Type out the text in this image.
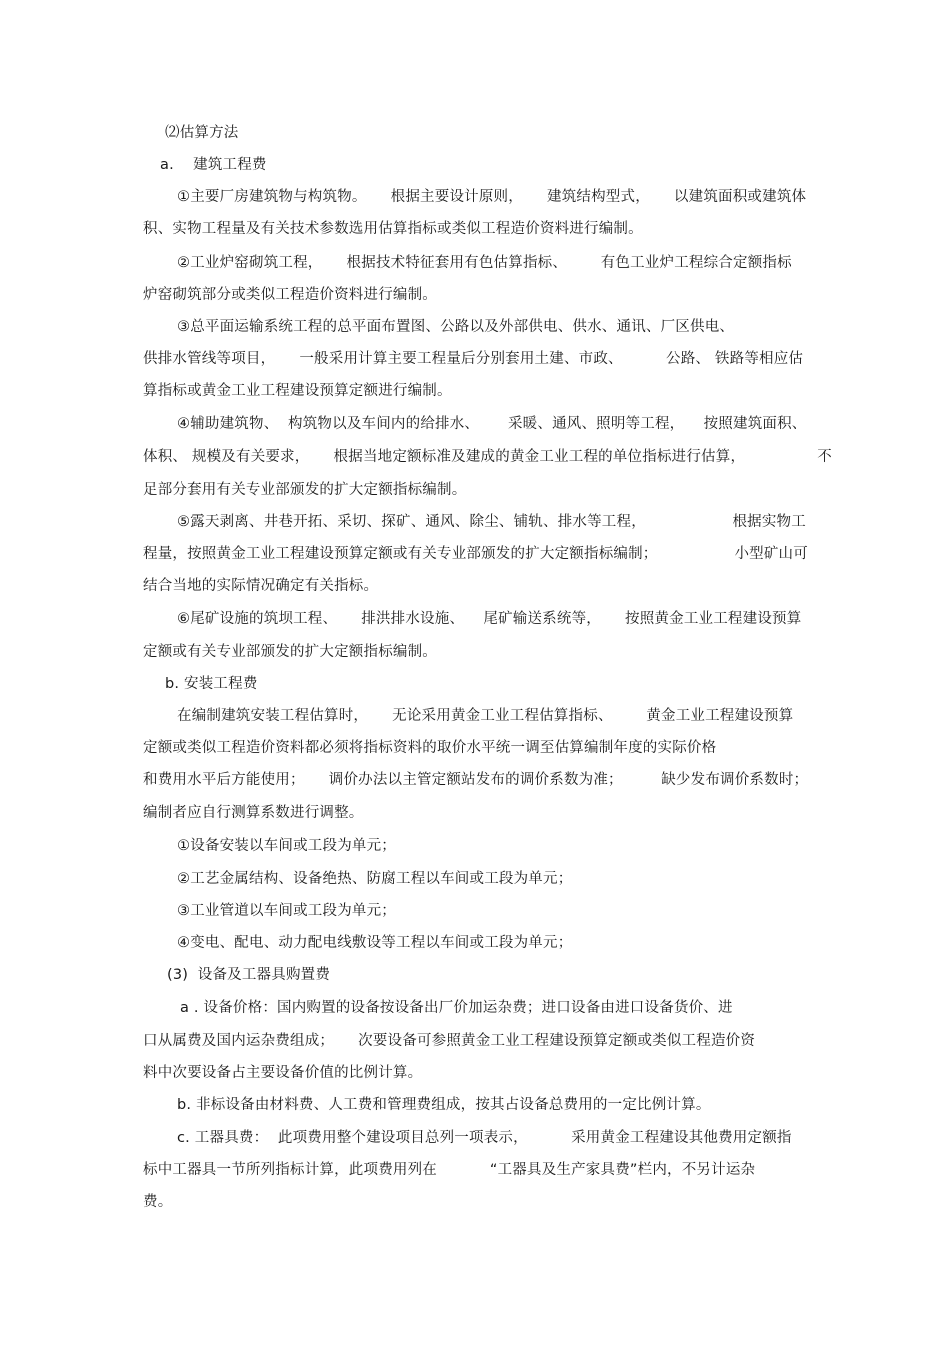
⑵估算方法
a.    建筑工程费
①主要厂房建筑物与构筑物。     根据主要设计原则，     建筑结构型式，     以建筑面积或建筑体
积、实物工程量及有关技术参数选用估算指标或类似工程造价资料进行编制。
②工业炉窑砌筑工程，     根据技术特征套用有色估算指标、       有色工业炉工程综合定额指标
炉窑砌筑部分或类似工程造价资料进行编制。
③总平面运输系统工程的总平面布置图、公路以及外部供电、供水、通讯、厂区供电、
供排水管线等项目，     一般采用计算主要工程量后分别套用土建、市政、         公路、 铁路等相应估
算指标或黄金工业工程建设预算定额进行编制。
④辅助建筑物、  构筑物以及车间内的给排水、      采暖、通风、照明等工程，    按照建筑面积、
体积、 规模及有关要求，     根据当地定额标准及建成的黄金工业工程的单位指标进行估算，               不
足部分套用有关专业部颁发的扩大定额指标编制。
⑤露天剥离、井巷开拓、采切、探矿、通风、除尘、铺轨、排水等工程，                  根据实物工
程量，按照黄金工业工程建设预算定额或有关专业部颁发的扩大定额指标编制；                小型矿山可
结合当地的实际情况确定有关指标。
⑥尾矿设施的筑坝工程、     排洪排水设施、    尾矿输送系统等，     按照黄金工业工程建设预算
定额或有关专业部颁发的扩大定额指标编制。
b. 安装工程费
在编制建筑安装工程估算时，     无论采用黄金工业工程估算指标、       黄金工业工程建设预算
定额或类似工程造价资料都必须将指标资料的取价水平统一调至估算编制年度的实际价格
和费用水平后方能使用；     调价办法以主管定额站发布的调价系数为准；        缺少发布调价系数时；
编制者应自行测算系数进行调整。
①设备安装以车间或工段为单元；
②工艺金属结构、设备绝热、防腐工程以车间或工段为单元；
③工业管道以车间或工段为单元；
④变电、配电、动力配电线敷设等工程以车间或工段为单元；
(3)  设备及工器具购置费
a . 设备价格：国内购置的设备按设备出厂价加运杂费；进口设备由进口设备货价、进
口从属费及国内运杂费组成；     次要设备可参照黄金工业工程建设预算定额或类似工程造价资
料中次要设备占主要设备价值的比例计算。
b. 非标设备由材料费、人工费和管理费组成，按其占设备总费用的一定比例计算。
c. 工器具费：  此项费用整个建设项目总列一项表示，         采用黄金工程建设其他费用定额指
标中工器具一节所列指标计算，此项费用列在           “工器具及生产家具费”栏内，不另计运杂
费。
